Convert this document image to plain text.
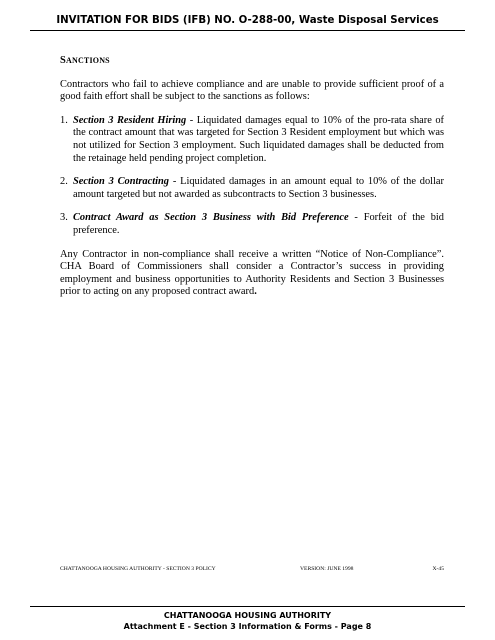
INVITATION FOR BIDS (IFB) NO. O-288-00, Waste Disposal Services
SANCTIONS

Contractors who fail to achieve compliance and are unable to provide sufficient proof of a good faith effort shall be subject to the sanctions as follows:

1. Section 3 Resident Hiring - Liquidated damages equal to 10% of the pro-rata share of the contract amount that was targeted for Section 3 Resident employment but which was not utilized for Section 3 employment. Such liquidated damages shall be deducted from the retainage held pending project completion.
2. Section 3 Contracting - Liquidated damages in an amount equal to 10% of the dollar amount targeted but not awarded as subcontracts to Section 3 businesses.
3. Contract Award as Section 3 Business with Bid Preference - Forfeit of the bid preference.

Any Contractor in non-compliance shall receive a written “Notice of Non-Compliance”. CHA Board of Commissioners shall consider a Contractor’s success in providing employment and business opportunities to Authority Residents and Section 3 Businesses prior to acting on any proposed contract award.

CHATTANOOGA HOUSING AUTHORITY - SECTION 3 POLICY	VERSION: JUNE 1998	X-45
CHATTANOOGA HOUSING AUTHORITY
Attachment E - Section 3 Information & Forms - Page 8
